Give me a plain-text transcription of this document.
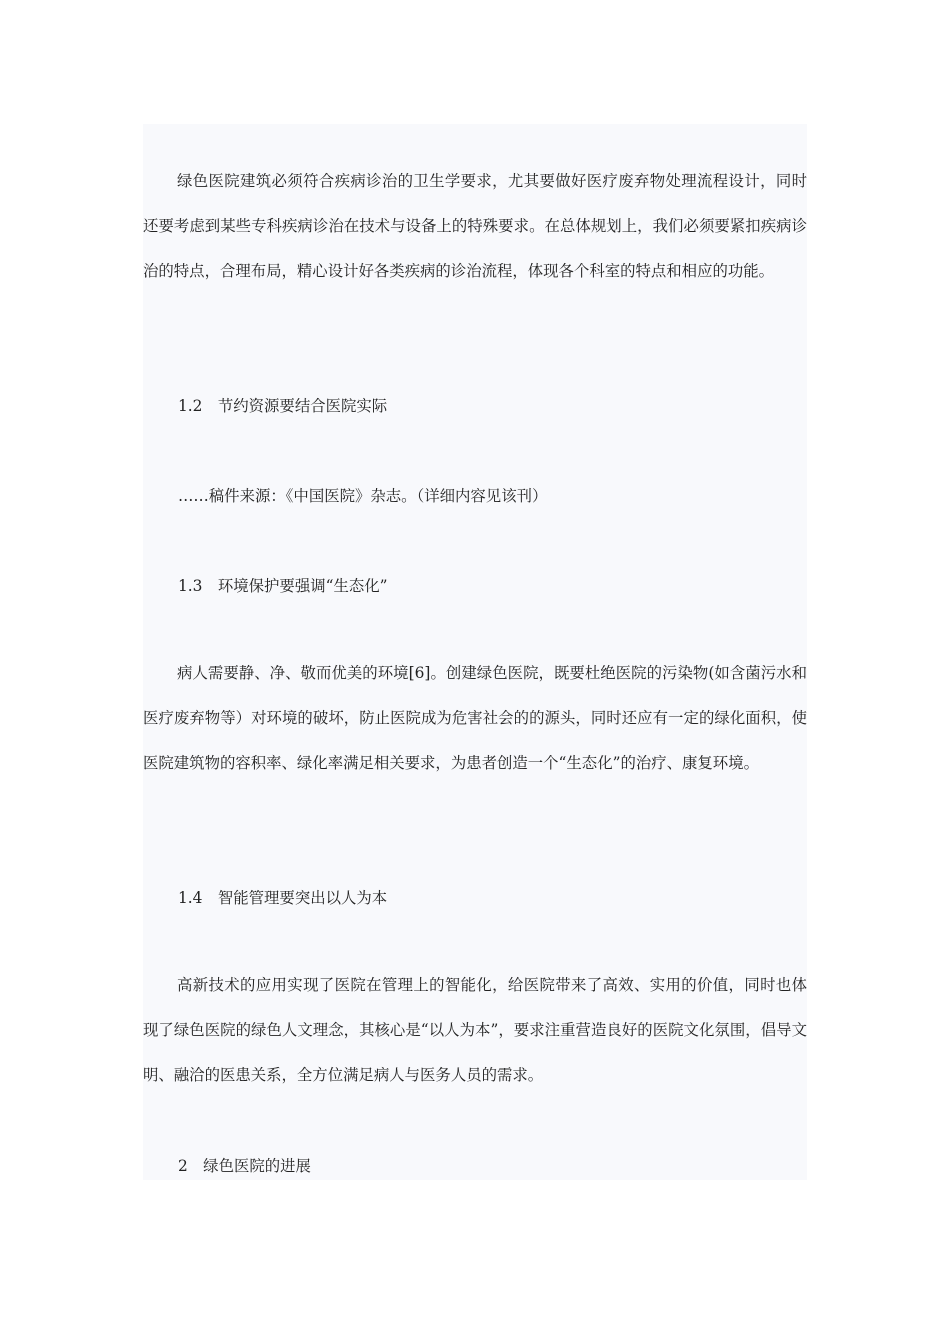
绿色医院建筑必须符合疾病诊治的卫生学要求，尤其要做好医疗废弃物处理流程设计，同时还要考虑到某些专科疾病诊治在技术与设备上的特殊要求。在总体规划上，我们必须要紧扣疾病诊治的特点，合理布局，精心设计好各类疾病的诊治流程，体现各个科室的特点和相应的功能。

1.2　节约资源要结合医院实际

……稿件来源：《中国医院》杂志。（详细内容见该刊）

1.3　环境保护要强调“生态化”

病人需要静、净、敬而优美的环境[6]。创建绿色医院，既要杜绝医院的污染物(如含菌污水和医疗废弃物等）对环境的破坏，防止医院成为危害社会的的源头，同时还应有一定的绿化面积，使医院建筑物的容积率、绿化率满足相关要求，为患者创造一个“生态化”的治疗、康复环境。

1.4　智能管理要突出以人为本

高新技术的应用实现了医院在管理上的智能化，给医院带来了高效、实用的价值，同时也体现了绿色医院的绿色人文理念，其核心是“以人为本”，要求注重营造良好的医院文化氛围，倡导文明、融洽的医患关系，全方位满足病人与医务人员的需求。

2　绿色医院的进展
